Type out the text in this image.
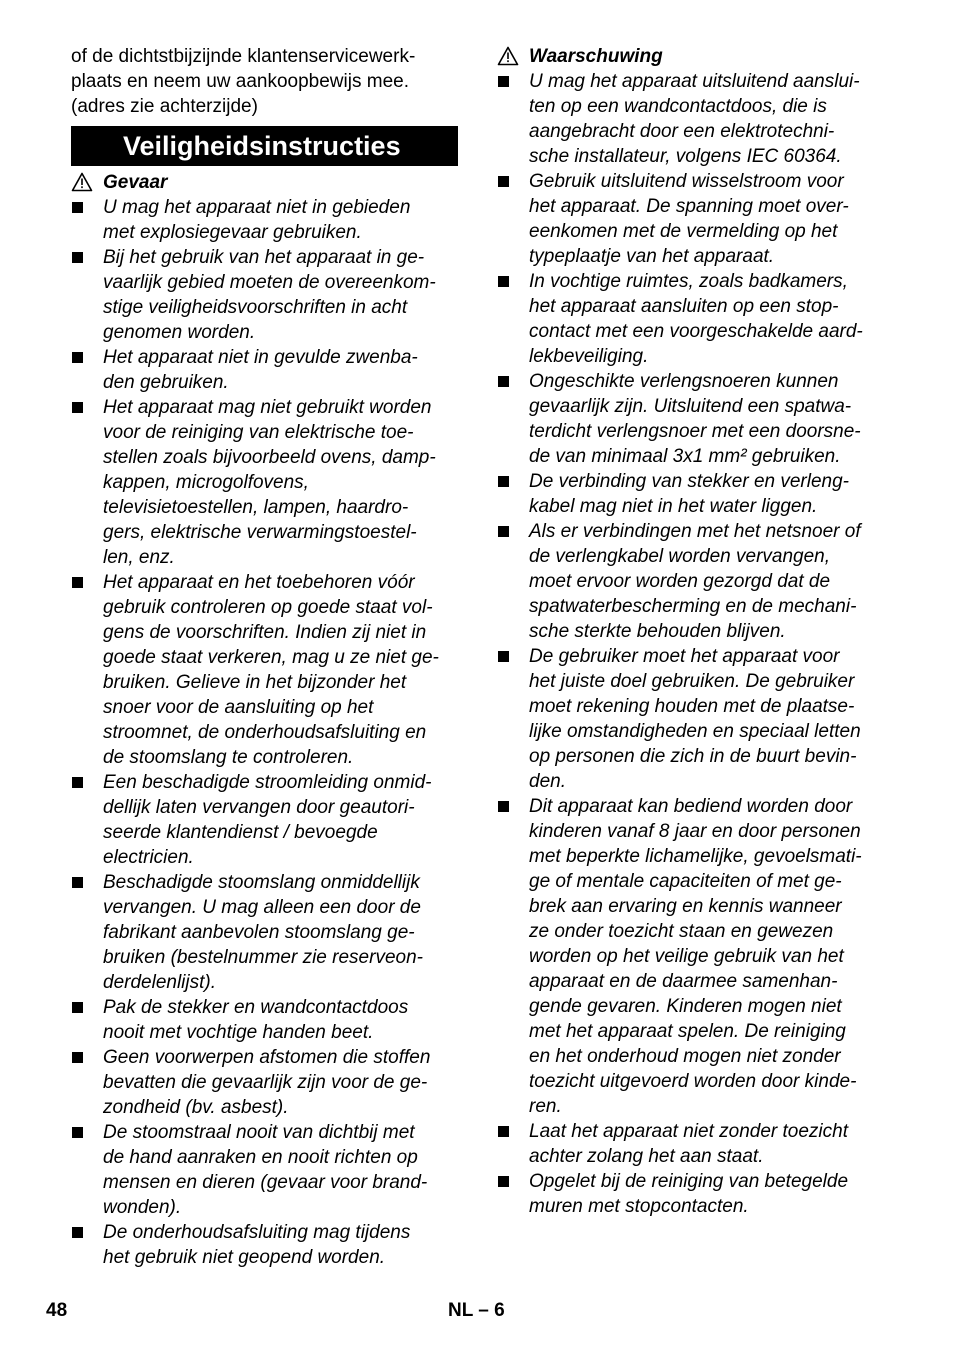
of de dichtstbijzijnde klantenservicewerk-
plaats en neem uw aankoopbewijs mee.
(adres zie achterzijde)

Veiligheidsinstructies
Gevaar
U mag het apparaat niet in gebieden
met explosiegevaar gebruiken.
Bij het gebruik van het apparaat in ge-
vaarlijk gebied moeten de overeenkom-
stige veiligheidsvoorschriften in acht
genomen worden.
Het apparaat niet in gevulde zwenba-
den gebruiken.
Het apparaat mag niet gebruikt worden
voor de reiniging van elektrische toe-
stellen zoals bijvoorbeeld ovens, damp-
kappen, microgolfovens,
televisietoestellen, lampen, haardro-
gers, elektrische verwarmingstoestel-
len, enz.
Het apparaat en het toebehoren vóór
gebruik controleren op goede staat vol-
gens de voorschriften. Indien zij niet in
goede staat verkeren, mag u ze niet ge-
bruiken. Gelieve in het bijzonder het
snoer voor de aansluiting op het
stroomnet, de onderhoudsafsluiting en
de stoomslang te controleren.
Een beschadigde stroomleiding onmid-
dellijk laten vervangen door geautori-
seerde klantendienst / bevoegde
electricien.
Beschadigde stoomslang onmiddellijk
vervangen. U mag alleen een door de
fabrikant aanbevolen stoomslang ge-
bruiken (bestelnummer zie reserveon-
derdelenlijst).
Pak de stekker en wandcontactdoos
nooit met vochtige handen beet.
Geen voorwerpen afstomen die stoffen
bevatten die gevaarlijk zijn voor de ge-
zondheid (bv. asbest).
De stoomstraal nooit van dichtbij met
de hand aanraken en nooit richten op
mensen en dieren (gevaar voor brand-
wonden).
De onderhoudsafsluiting mag tijdens
het gebruik niet geopend worden.
Waarschuwing
U mag het apparaat uitsluitend aanslui-
ten op een wandcontactdoos, die is
aangebracht door een elektrotechni-
sche installateur, volgens IEC 60364.
Gebruik uitsluitend wisselstroom voor
het apparaat. De spanning moet over-
eenkomen met de vermelding op het
typeplaatje van het apparaat.
In vochtige ruimtes, zoals badkamers,
het apparaat aansluiten op een stop-
contact met een voorgeschakelde aard-
lekbeveiliging.
Ongeschikte verlengsnoeren kunnen
gevaarlijk zijn. Uitsluitend een spatwa-
terdicht verlengsnoer met een doorsne-
de van minimaal 3x1 mm² gebruiken.
De verbinding van stekker en verleng-
kabel mag niet in het water liggen.
Als er verbindingen met het netsnoer of
de verlengkabel worden vervangen,
moet ervoor worden gezorgd dat de
spatwaterbescherming en de mechani-
sche sterkte behouden blijven.
De gebruiker moet het apparaat voor
het juiste doel gebruiken. De gebruiker
moet rekening houden met de plaatse-
lijke omstandigheden en speciaal letten
op personen die zich in de buurt bevin-
den.
Dit apparaat kan bediend worden door
kinderen vanaf 8 jaar en door personen
met beperkte lichamelijke, gevoelsmati-
ge of mentale capaciteiten of met ge-
brek aan ervaring en kennis wanneer
ze onder toezicht staan en gewezen
worden op het veilige gebruik van het
apparaat en de daarmee samenhan-
gende gevaren. Kinderen mogen niet
met het apparaat spelen. De reiniging
en het onderhoud mogen niet zonder
toezicht uitgevoerd worden door kinde-
ren.
Laat het apparaat niet zonder toezicht
achter zolang het aan staat.
Opgelet bij de reiniging van betegelde
muren met stopcontacten.
48	NL – 6
